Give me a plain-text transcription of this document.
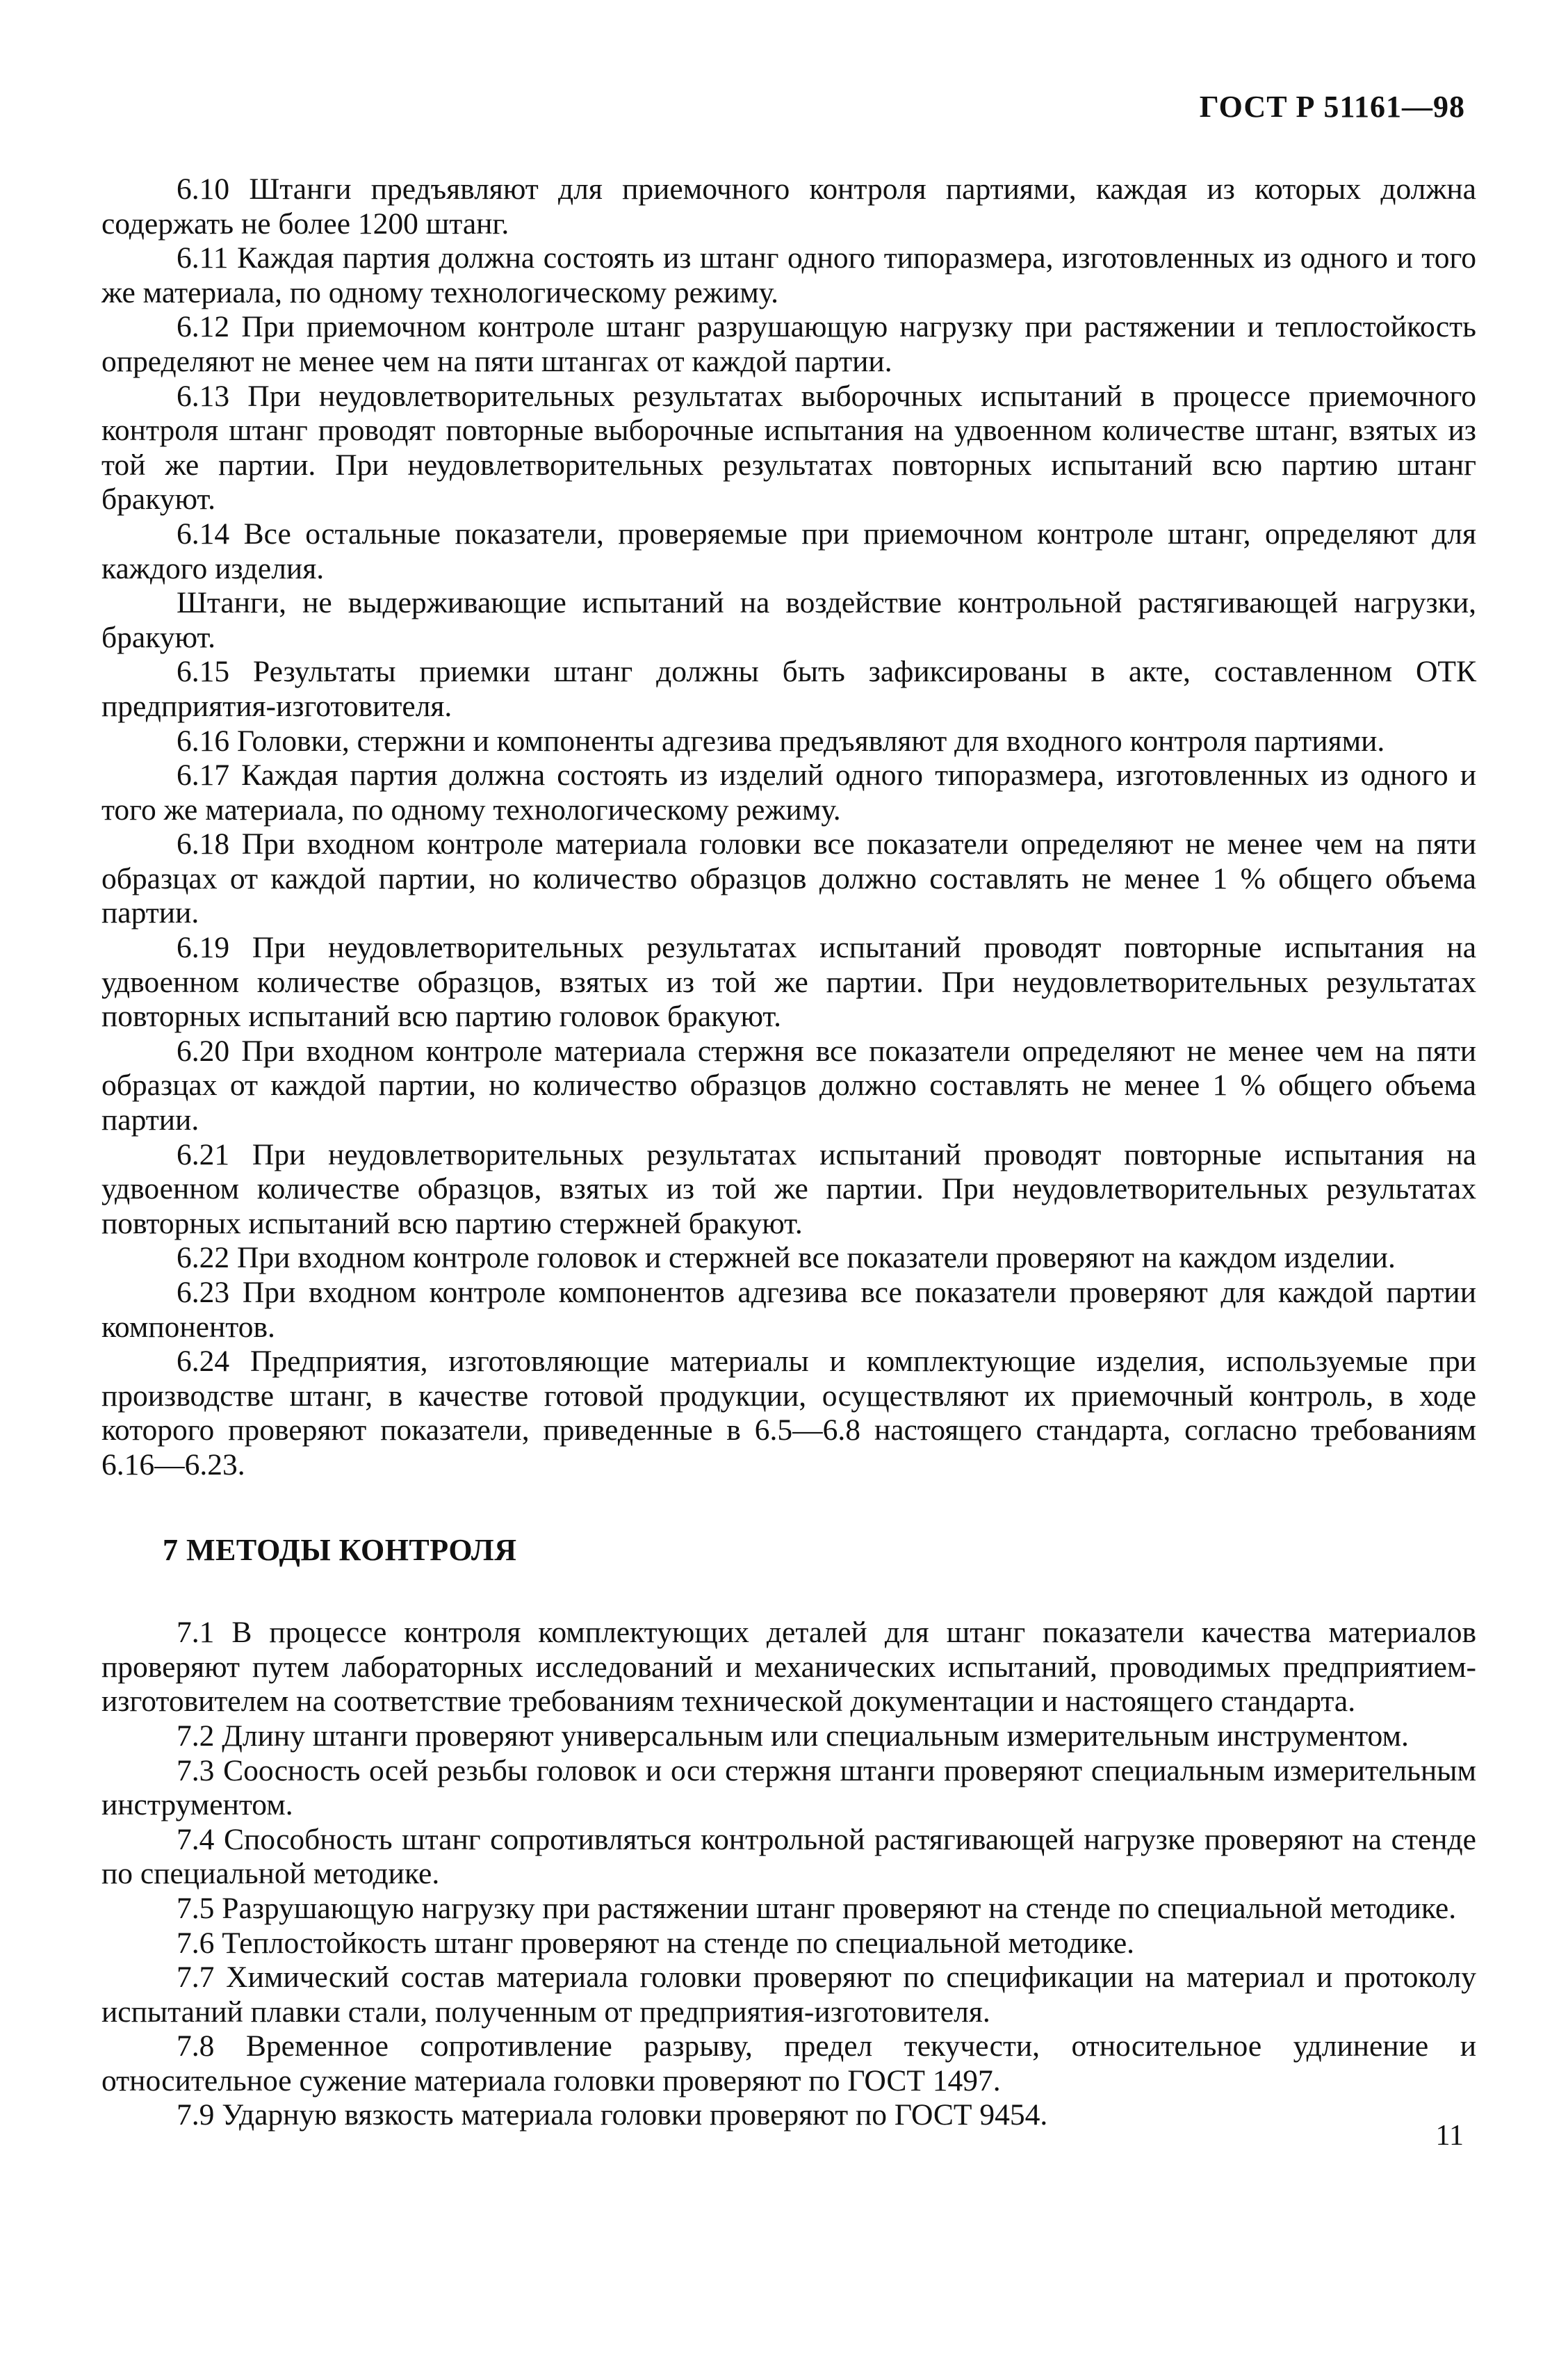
ГОСТ Р 51161—98

6.10 Штанги предъявляют для приемочного контроля партиями, каждая из которых должна содержать не более 1200 штанг.

6.11 Каждая партия должна состоять из штанг одного типоразмера, изготовленных из одного и того же материала, по одному технологическому режиму.

6.12 При приемочном контроле штанг разрушающую нагрузку при растяжении и теплостойкость определяют не менее чем на пяти штангах от каждой партии.

6.13 При неудовлетворительных результатах выборочных испытаний в процессе приемочного контроля штанг проводят повторные выборочные испытания на удвоенном количестве штанг, взятых из той же партии. При неудовлетворительных результатах повторных испытаний всю партию штанг бракуют.

6.14 Все остальные показатели, проверяемые при приемочном контроле штанг, определяют для каждого изделия.

Штанги, не выдерживающие испытаний на воздействие контрольной растягивающей нагрузки, бракуют.

6.15 Результаты приемки штанг должны быть зафиксированы в акте, составленном ОТК предприятия-изготовителя.

6.16 Головки, стержни и компоненты адгезива предъявляют для входного контроля партиями.

6.17 Каждая партия должна состоять из изделий одного типоразмера, изготовленных из одного и того же материала, по одному технологическому режиму.

6.18 При входном контроле материала головки все показатели определяют не менее чем на пяти образцах от каждой партии, но количество образцов должно составлять не менее 1 % общего объема партии.

6.19 При неудовлетворительных результатах испытаний проводят повторные испытания на удвоенном количестве образцов, взятых из той же партии. При неудовлетворительных результатах повторных испытаний всю партию головок бракуют.

6.20 При входном контроле материала стержня все показатели определяют не менее чем на пяти образцах от каждой партии, но количество образцов должно составлять не менее 1 % общего объема партии.

6.21 При неудовлетворительных результатах испытаний проводят повторные испытания на удвоенном количестве образцов, взятых из той же партии. При неудовлетворительных результатах повторных испытаний всю партию стержней бракуют.

6.22 При входном контроле головок и стержней все показатели проверяют на каждом изделии.

6.23 При входном контроле компонентов адгезива все показатели проверяют для каждой партии компонентов.

6.24 Предприятия, изготовляющие материалы и комплектующие изделия, используемые при производстве штанг, в качестве готовой продукции, осуществляют их приемочный контроль, в ходе которого проверяют показатели, приведенные в 6.5—6.8 настоящего стандарта, согласно требованиям 6.16—6.23.

7 МЕТОДЫ КОНТРОЛЯ

7.1 В процессе контроля комплектующих деталей для штанг показатели качества материалов проверяют путем лабораторных исследований и механических испытаний, проводимых предприятием-изготовителем на соответствие требованиям технической документации и настоящего стандарта.

7.2 Длину штанги проверяют универсальным или специальным измерительным инструментом.

7.3 Соосность осей резьбы головок и оси стержня штанги проверяют специальным измерительным инструментом.

7.4 Способность штанг сопротивляться контрольной растягивающей нагрузке проверяют на стенде по специальной методике.

7.5 Разрушающую нагрузку при растяжении штанг проверяют на стенде по специальной методике.

7.6 Теплостойкость штанг проверяют на стенде по специальной методике.

7.7 Химический состав материала головки проверяют по спецификации на материал и протоколу испытаний плавки стали, полученным от предприятия-изготовителя.

7.8 Временное сопротивление разрыву, предел текучести, относительное удлинение и относительное сужение материала головки проверяют по ГОСТ 1497.

7.9 Ударную вязкость материала головки проверяют по ГОСТ 9454.

11
